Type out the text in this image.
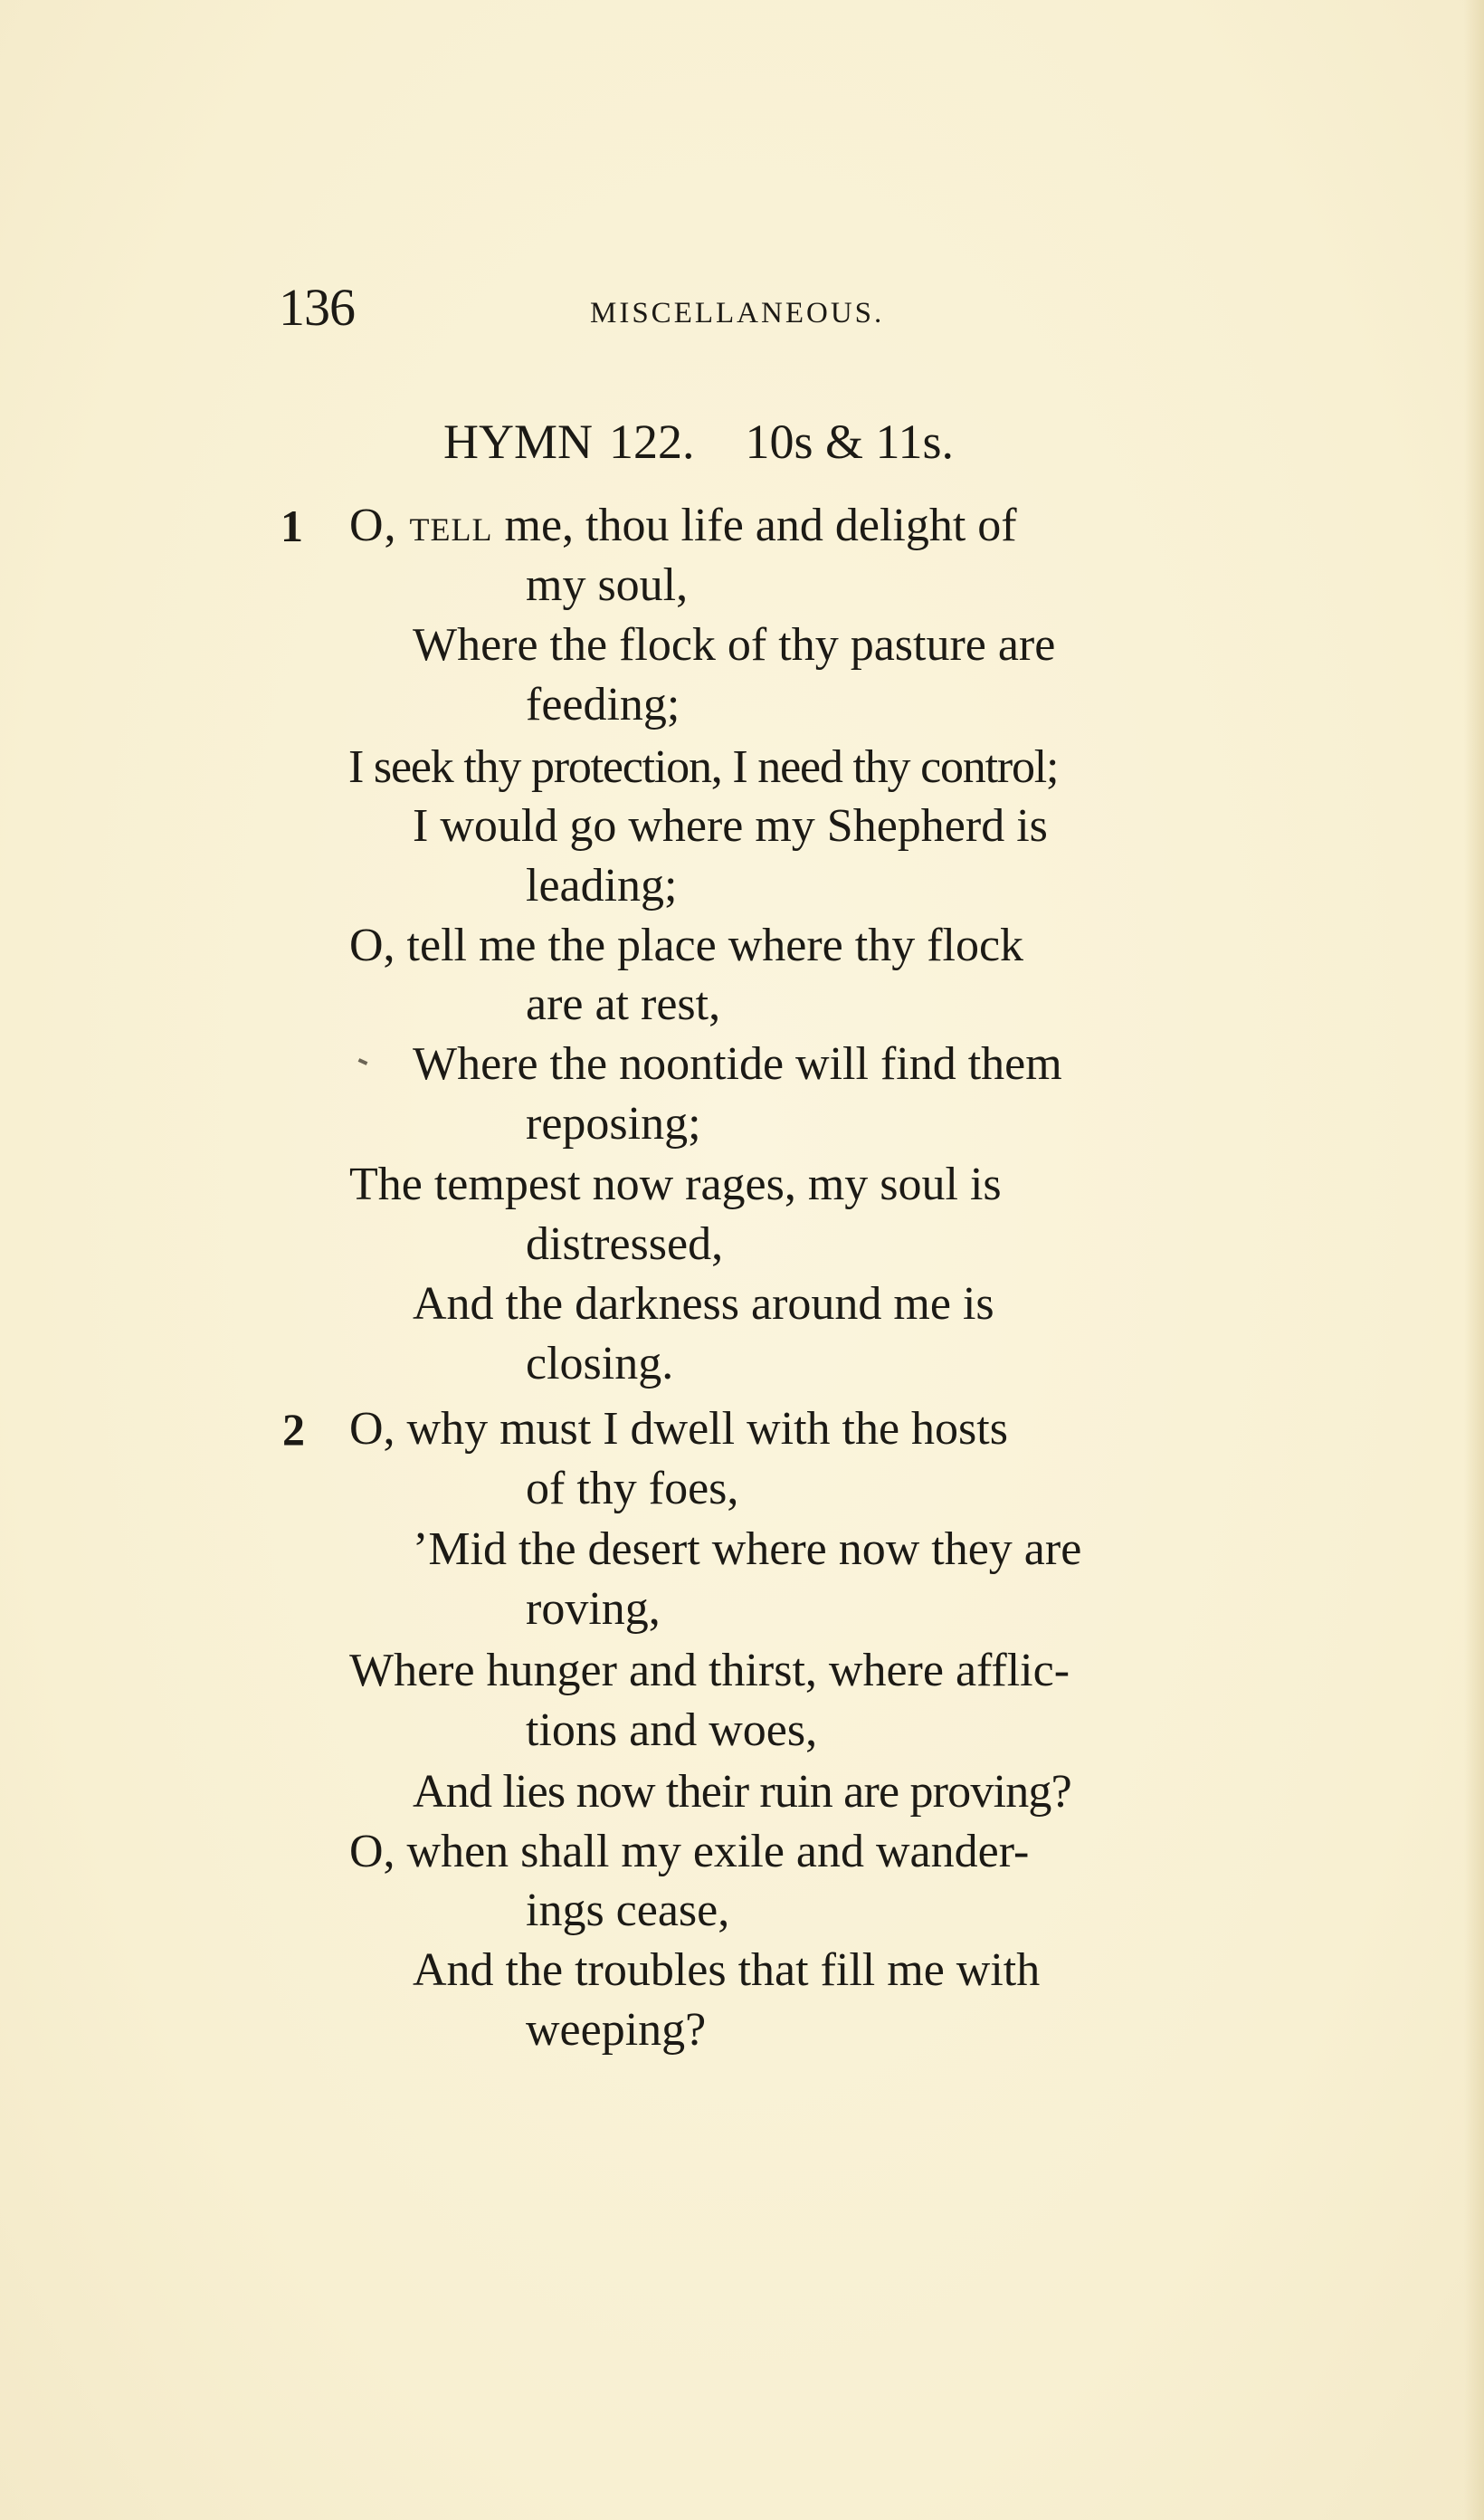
136	MISCELLANEOUS.
HYMN 122. 10s & 11s.
1 O, tell me, thou life and delight of
my soul,
Where the flock of thy pasture are
feeding;
I seek thy protection, I need thy control;
I would go where my Shepherd is
leading;
O, tell me the place where thy flock
are at rest,
Where the noontide will find them
reposing;
The tempest now rages, my soul is
distressed,
And the darkness around me is
closing.
2 O, why must I dwell with the hosts
of thy foes,
’Mid the desert where now they are
roving,
Where hunger and thirst, where afflic-
tions and woes,
And lies now their ruin are proving?
O, when shall my exile and wander-
ings cease,
And the troubles that fill me with
weeping?
